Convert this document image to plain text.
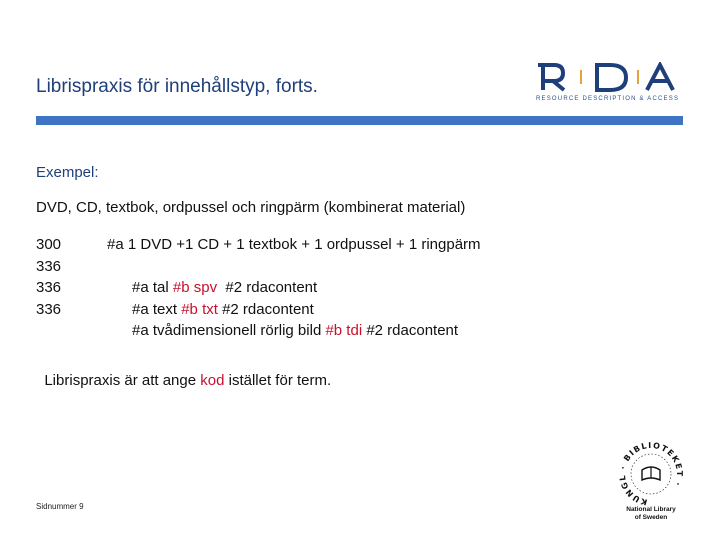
Librispraxis för innehållstyp, forts.
RESOURCE DESCRIPTION & ACCESS
Exempel:
DVD, CD, textbok, ordpussel och ringpärm (kombinerat material)
300	#a 1 DVD +1 CD + 1 textbok + 1 ordpussel + 1 ringpärm
336

#a tal #b spv  #2 rdacontent

336

#a text #b txt #2 rdacontent

336

#a tvådimensionell rörlig bild #b tdi #2 rdacontent

Librispraxis är att ange kod istället för term.

Sidnummer 9	KUNGL · BIBLIOTEKET ·
National Library
of Sweden
